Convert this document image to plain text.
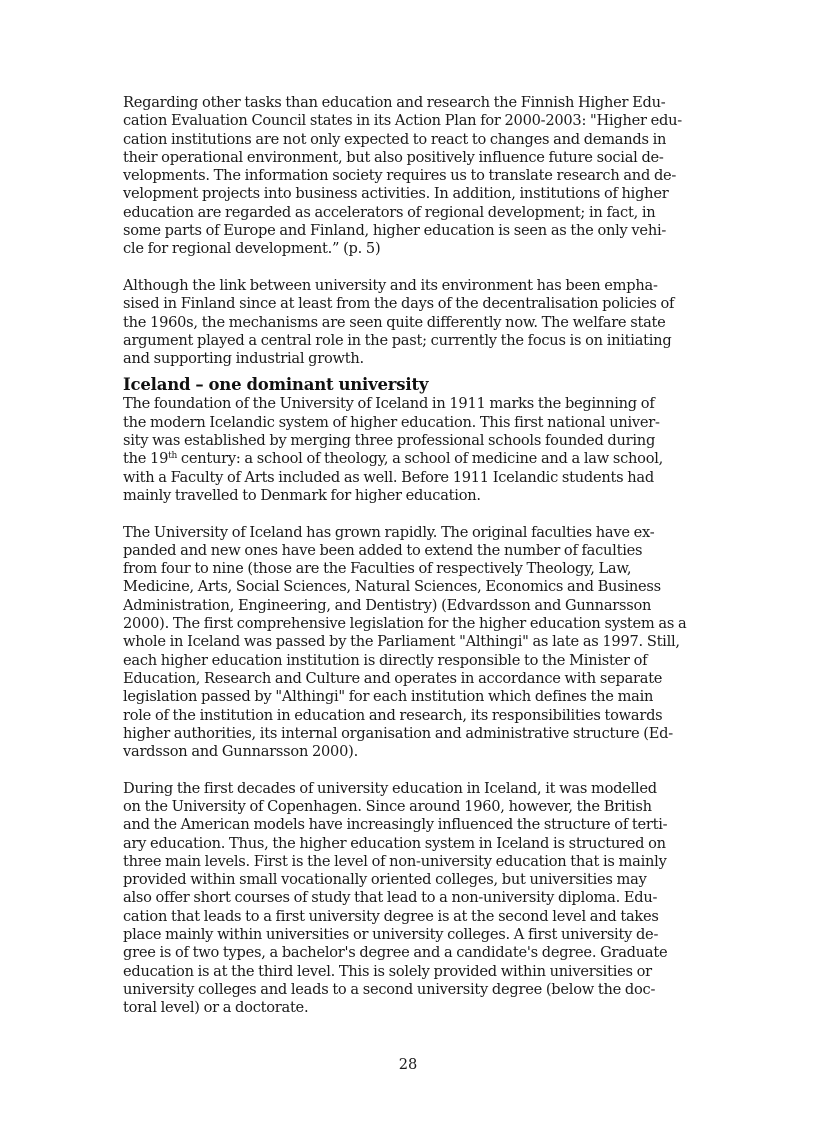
Regarding other tasks than education and research the Finnish Higher Edu-
cation Evaluation Council states in its Action Plan for 2000-2003: "Higher edu-
cation institutions are not only expected to react to changes and demands in
their operational environment, but also positively influence future social de-
velopments. The information society requires us to translate research and de-
velopment projects into business activities. In addition, institutions of higher
education are regarded as accelerators of regional development; in fact, in
some parts of Europe and Finland, higher education is seen as the only vehi-
cle for regional development.” (p. 5)
Although the link between university and its environment has been empha-
sised in Finland since at least from the days of the decentralisation policies of
the 1960s, the mechanisms are seen quite differently now. The welfare state
argument played a central role in the past; currently the focus is on initiating
and supporting industrial growth.
Iceland – one dominant university
The foundation of the University of Iceland in 1911 marks the beginning of
the modern Icelandic system of higher education. This first national univer-
sity was established by merging three professional schools founded during
the 19th century: a school of theology, a school of medicine and a law school,
with a Faculty of Arts included as well. Before 1911 Icelandic students had
mainly travelled to Denmark for higher education.
The University of Iceland has grown rapidly. The original faculties have ex-
panded and new ones have been added to extend the number of faculties
from four to nine (those are the Faculties of respectively Theology, Law,
Medicine, Arts, Social Sciences, Natural Sciences, Economics and Business
Administration, Engineering, and Dentistry) (Edvardsson and Gunnarsson
2000). The first comprehensive legislation for the higher education system as a
whole in Iceland was passed by the Parliament "Althingi" as late as 1997. Still,
each higher education institution is directly responsible to the Minister of
Education, Research and Culture and operates in accordance with separate
legislation passed by "Althingi" for each institution which defines the main
role of the institution in education and research, its responsibilities towards
higher authorities, its internal organisation and administrative structure (Ed-
vardsson and Gunnarsson 2000).
During the first decades of university education in Iceland, it was modelled
on the University of Copenhagen. Since around 1960, however, the British
and the American models have increasingly influenced the structure of terti-
ary education. Thus, the higher education system in Iceland is structured on
three main levels. First is the level of non-university education that is mainly
provided within small vocationally oriented colleges, but universities may
also offer short courses of study that lead to a non-university diploma. Edu-
cation that leads to a first university degree is at the second level and takes
place mainly within universities or university colleges. A first university de-
gree is of two types, a bachelor's degree and a candidate's degree. Graduate
education is at the third level. This is solely provided within universities or
university colleges and leads to a second university degree (below the doc-
toral level) or a doctorate.
28
